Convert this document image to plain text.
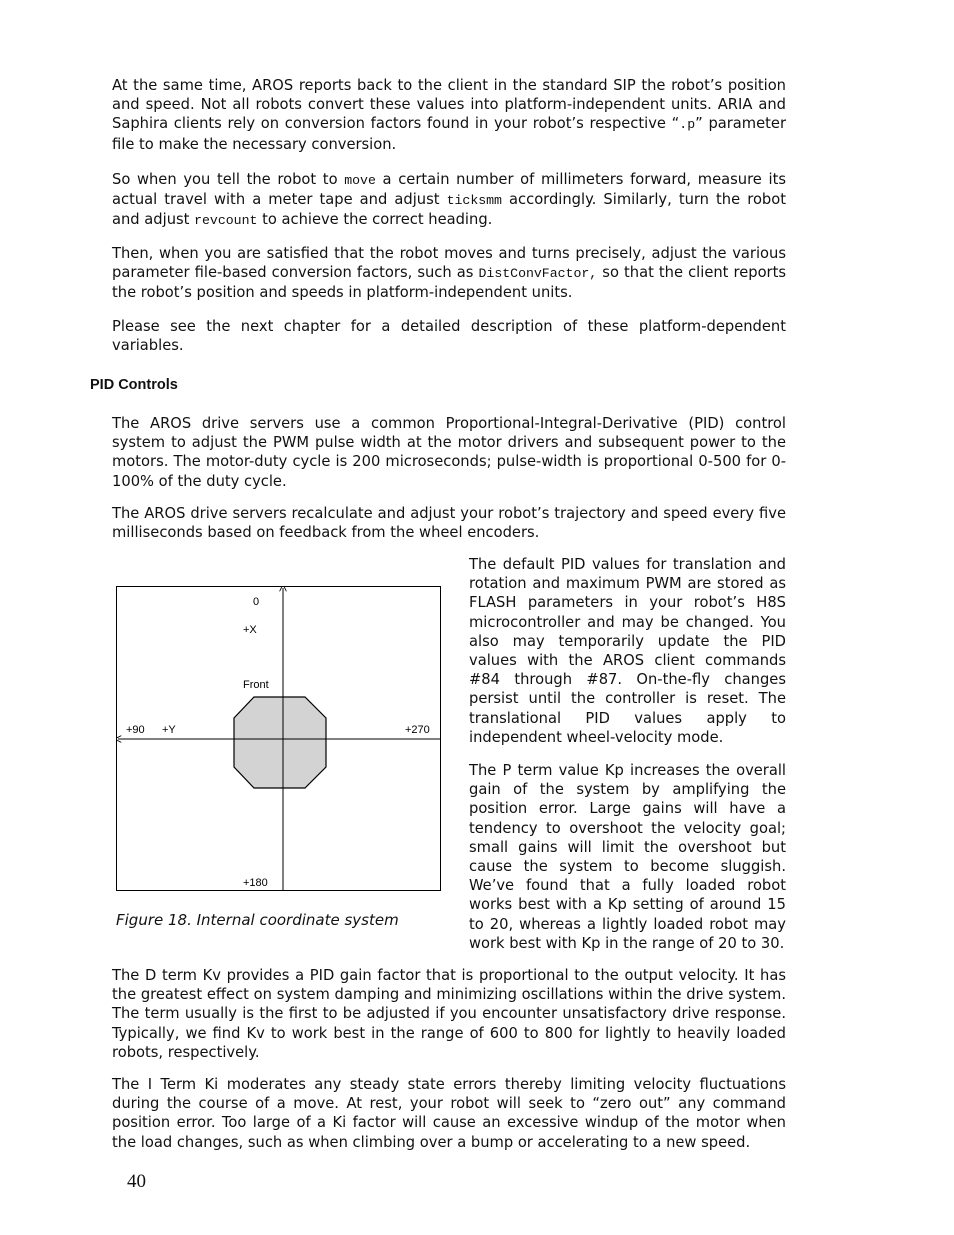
At the same time, AROS reports back to the client in the standard SIP the robot’s position and speed. Not all robots convert these values into platform-independent units. ARIA and Saphira clients rely on conversion factors found in your robot’s respective “.p” parameter file to make the necessary conversion.

So when you tell the robot to move a certain number of millimeters forward, measure its actual travel with a meter tape and adjust ticksmm accordingly. Similarly, turn the robot and adjust revcount to achieve the correct heading.

Then, when you are satisfied that the robot moves and turns precisely, adjust the various parameter file-based conversion factors, such as DistConvFactor, so that the client reports the robot’s position and speeds in platform-independent units.

Please see the next chapter for a detailed description of these platform-dependent variables.

PID Controls

The AROS drive servers use a common Proportional-Integral-Derivative (PID) control system to adjust the PWM pulse width at the motor drivers and subsequent power to the motors. The motor-duty cycle is 200 microseconds; pulse-width is proportional 0-500 for 0-100% of the duty cycle.

The AROS drive servers recalculate and adjust your robot’s trajectory and speed every five milliseconds based on feedback from the wheel encoders.

0
+X
Front
+90 +Y	+270
+180

Figure 18. Internal coordinate system

The default PID values for translation and rotation and maximum PWM are stored as FLASH parameters in your robot’s H8S microcontroller and may be changed. You also may temporarily update the PID values with the AROS client commands #84 through #87. On-the-fly changes persist until the controller is reset. The translational PID values apply to independent wheel-velocity mode.

The P term value Kp increases the overall gain of the system by amplifying the position error. Large gains will have a tendency to overshoot the velocity goal; small gains will limit the overshoot but cause the system to become sluggish. We’ve found that a fully loaded robot works best with a Kp setting of around 15 to 20, whereas a lightly loaded robot may work best with Kp in the range of 20 to 30.

The D term Kv provides a PID gain factor that is proportional to the output velocity. It has the greatest effect on system damping and minimizing oscillations within the drive system. The term usually is the first to be adjusted if you encounter unsatisfactory drive response. Typically, we find Kv to work best in the range of 600 to 800 for lightly to heavily loaded robots, respectively.

The I Term Ki moderates any steady state errors thereby limiting velocity fluctuations during the course of a move. At rest, your robot will seek to “zero out” any command position error. Too large of a Ki factor will cause an excessive windup of the motor when the load changes, such as when climbing over a bump or accelerating to a new speed.

40
